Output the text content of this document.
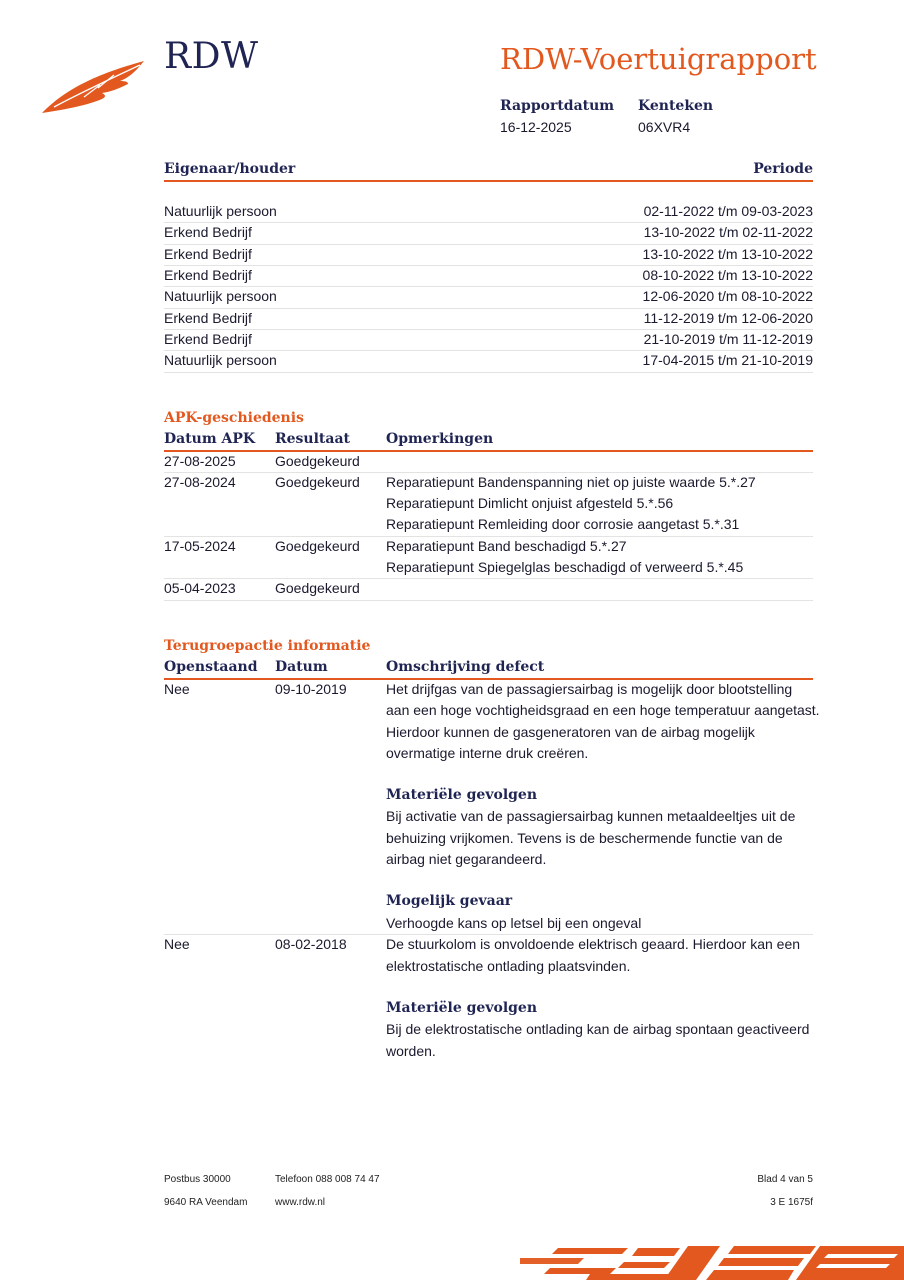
RDW	RDW-Voertuigrapport
Rapportdatum
16-12-2025
Kenteken
06XVR4
Eigenaar/houder	Periode
Natuurlijk persoon	02-11-2022 t/m 09-03-2023
Erkend Bedrijf	13-10-2022 t/m 02-11-2022
Erkend Bedrijf	13-10-2022 t/m 13-10-2022
Erkend Bedrijf	08-10-2022 t/m 13-10-2022
Natuurlijk persoon	12-06-2020 t/m 08-10-2022
Erkend Bedrijf	11-12-2019 t/m 12-06-2020
Erkend Bedrijf	21-10-2019 t/m 11-12-2019
Natuurlijk persoon	17-04-2015 t/m 21-10-2019
APK-geschiedenis
Datum APK Resultaat	Opmerkingen
27-08-2025	Goedgekeurd
27-08-2024	Goedgekeurd Reparatiepunt Bandenspanning niet op juiste waarde 5.*.27
Reparatiepunt Dimlicht onjuist afgesteld 5.*.56
Reparatiepunt Remleiding door corrosie aangetast 5.*.31
17-05-2024	Goedgekeurd Reparatiepunt Band beschadigd 5.*.27
Reparatiepunt Spiegelglas beschadigd of verweerd 5.*.45
05-04-2023	Goedgekeurd
Terugroepactie informatie
Openstaand Datum	Omschrijving defect
Nee	09-10-2019	Het drijfgas van de passagiersairbag is mogelijk door blootstelling
aan een hoge vochtigheidsgraad en een hoge temperatuur aangetast.
Hierdoor kunnen de gasgeneratoren van de airbag mogelijk
overmatige interne druk creëren.
Materiële gevolgen
Bij activatie van de passagiersairbag kunnen metaaldeeltjes uit de
behuizing vrijkomen. Tevens is de beschermende functie van de
airbag niet gegarandeerd.
Mogelijk gevaar
Verhoogde kans op letsel bij een ongeval
Nee	08-02-2018	De stuurkolom is onvoldoende elektrisch geaard. Hierdoor kan een
elektrostatische ontlading plaatsvinden.
Materiële gevolgen
Bij de elektrostatische ontlading kan de airbag spontaan geactiveerd
worden.
Postbus 30000
9640 RA Veendam
Telefoon 088 008 74 47
www.rdw.nl
Blad 4 van 5
3 E 1675f
